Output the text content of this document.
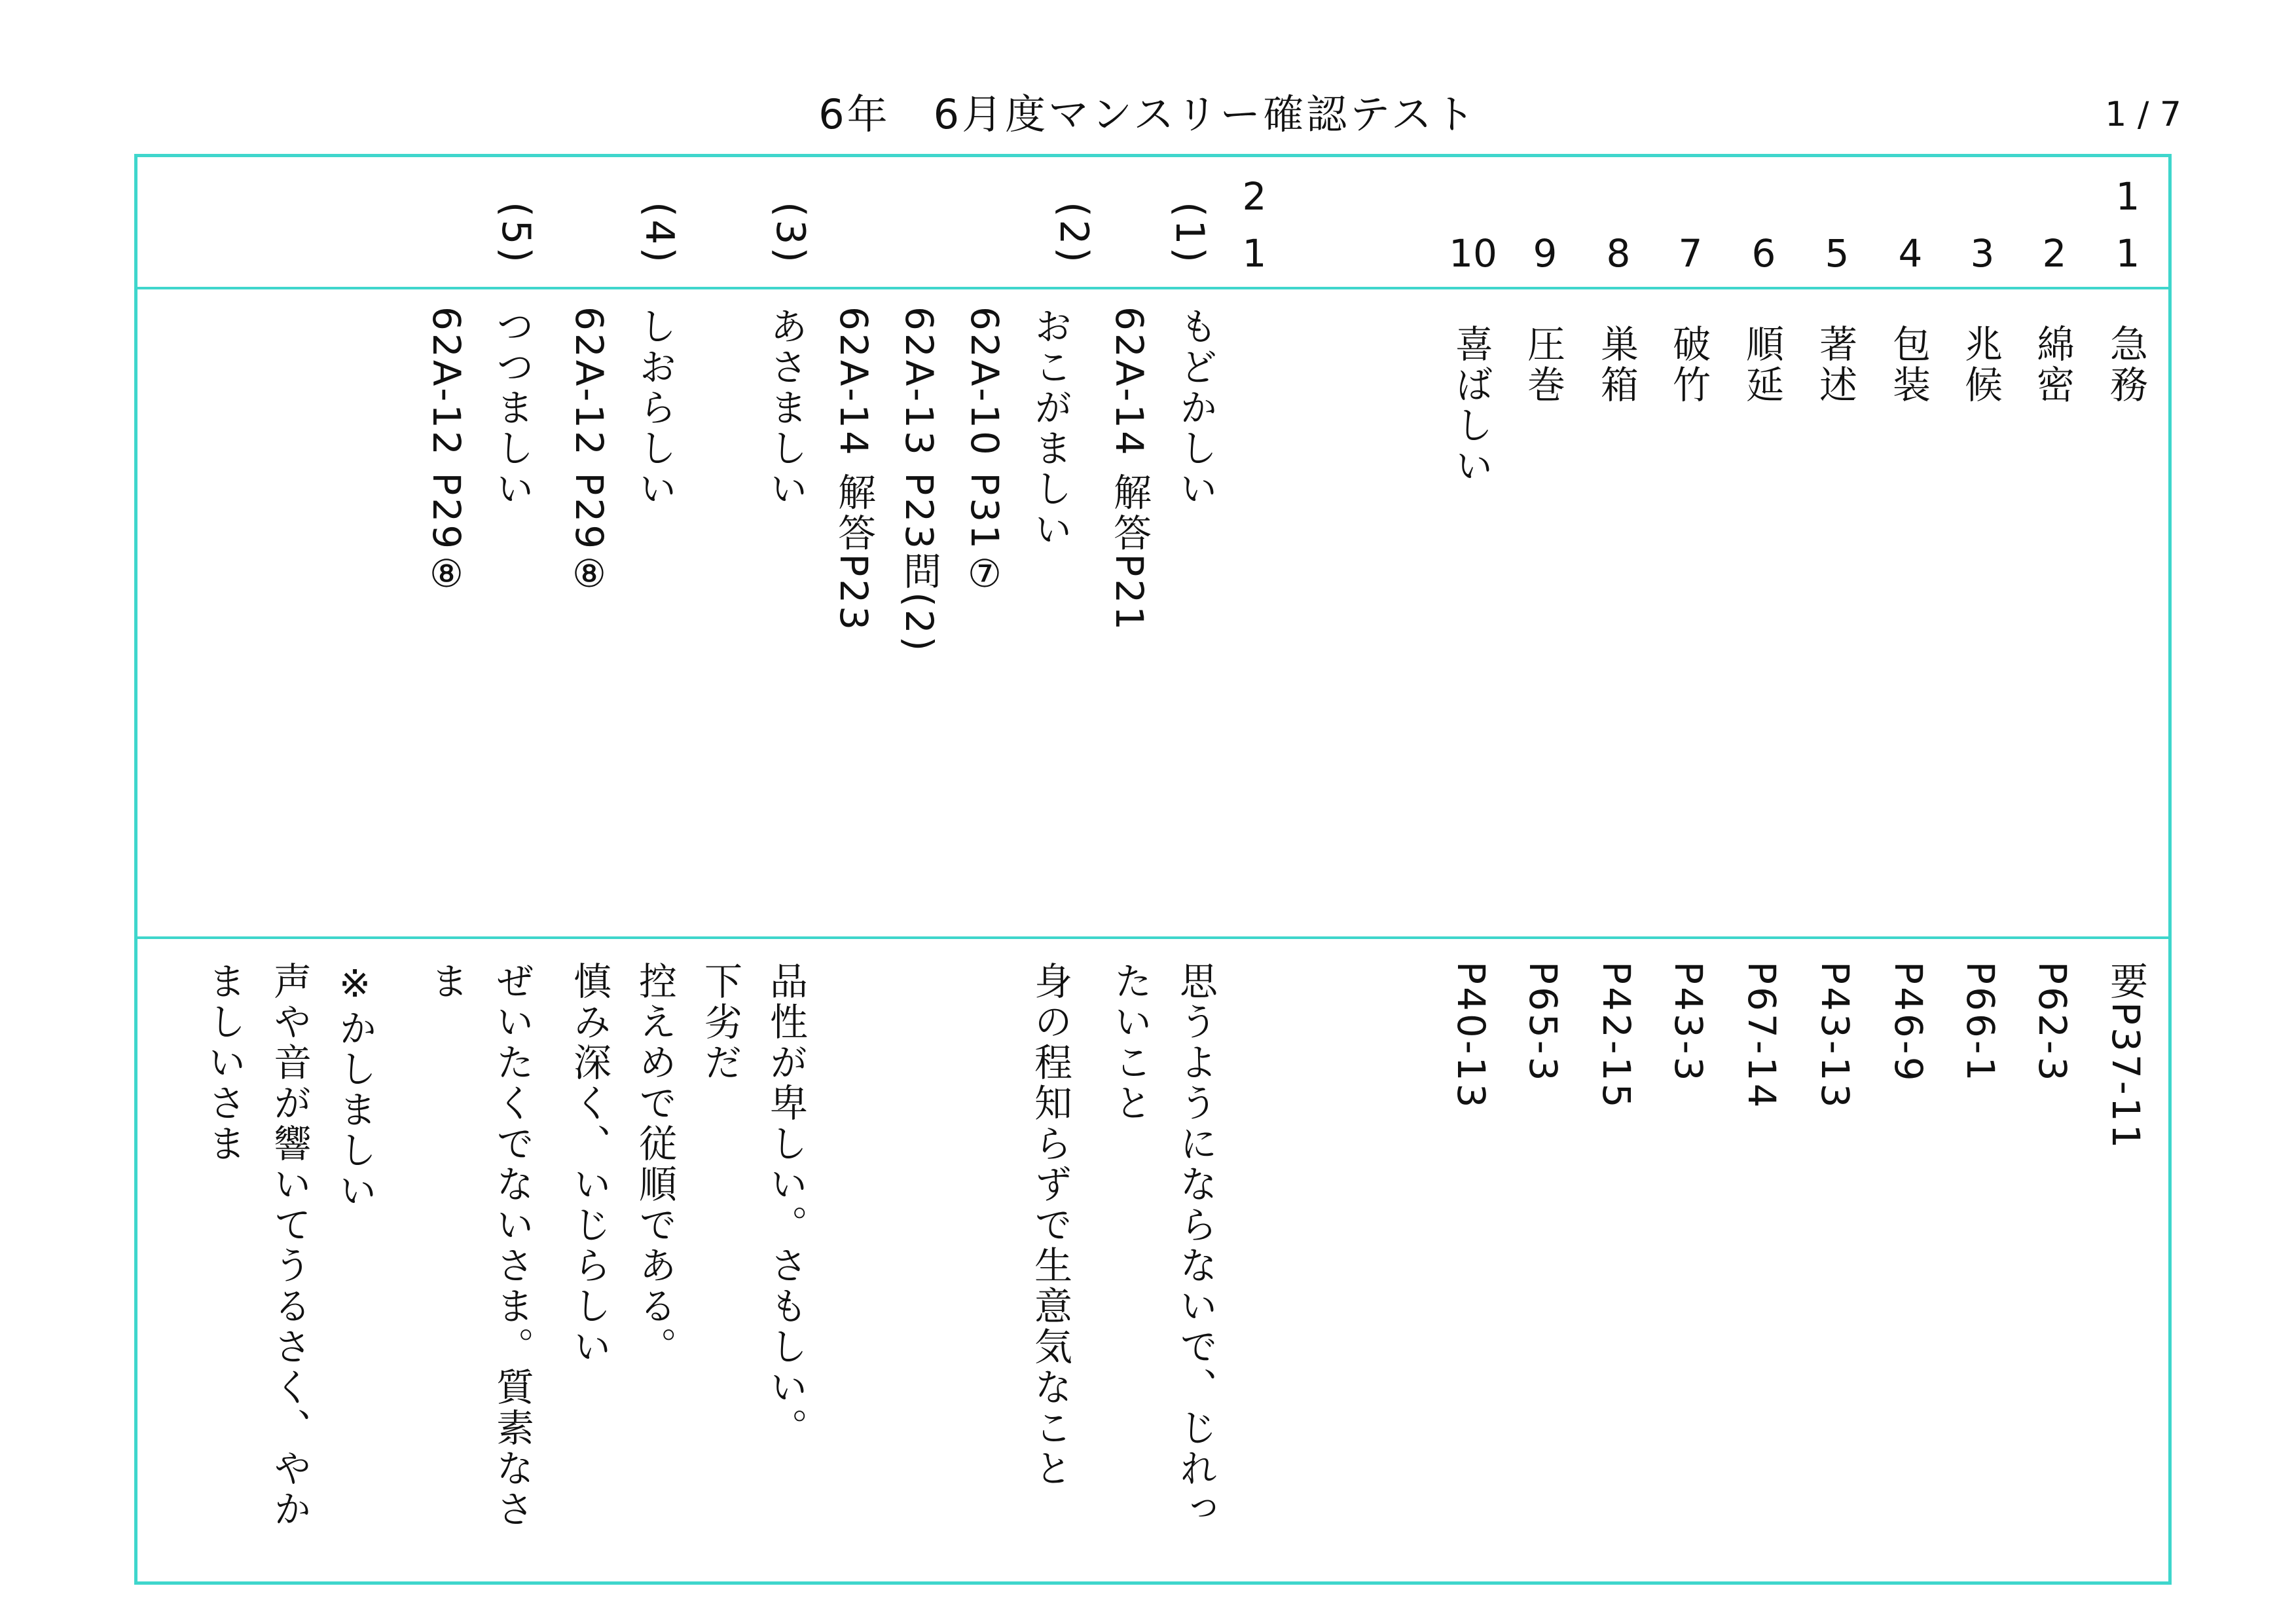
6年　6月度マンスリー確認テスト	1 / 7
1
1
2
3
4
5
6
7
8
9
10
急務
綿密
兆候
包装
著述
順延
破竹
巣箱
圧巻
喜ばしい
要P37-11
P62-3
P66-1
P46-9
P43-13
P67-14
P43-3
P42-15
P65-3
P40-13
2
1
(1)
(2)
(3)
(4)
(5)
もどかしい
62A-14 解答P21
おこがましい
62A-10 P31⑦
62A-13 P23問(2)
62A-14 解答P23
あさましい
しおらしい
62A-12 P29⑧
つつましい
62A-12 P29⑧
思うようにならないで、じれっ
たいこと
身の程知らずで生意気なこと
品性が卑しい。さもしい。
下劣だ
控えめで従順である。
慎み深く、いじらしい
ぜいたくでないさま。質素なさ
ま
※かしましい
声や音が響いてうるさく、やか
ましいさま
